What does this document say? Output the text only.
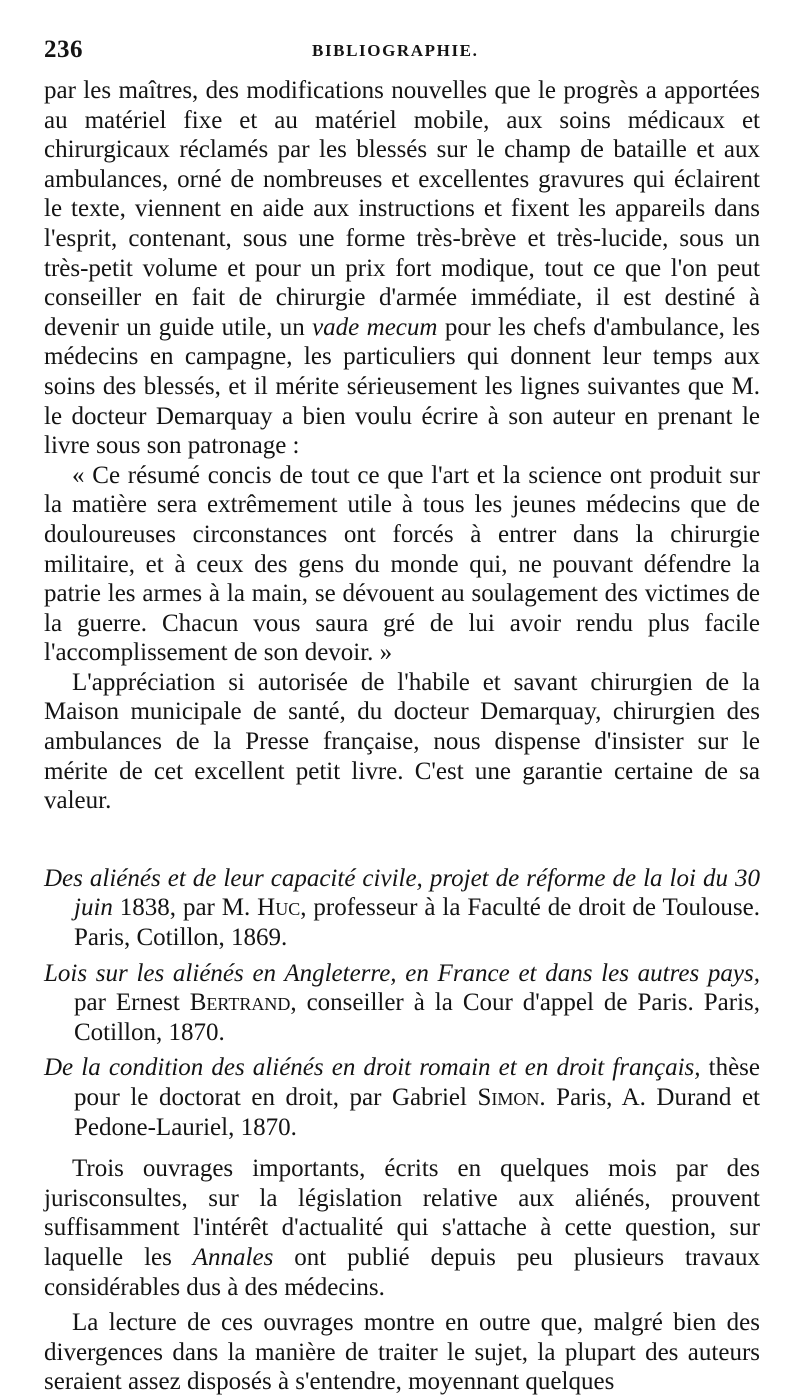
236	BIBLIOGRAPHIE.

par les maîtres, des modifications nouvelles que le progrès a apportées au matériel fixe et au matériel mobile, aux soins médicaux et chirurgicaux réclamés par les blessés sur le champ de bataille et aux ambulances, orné de nombreuses et excellentes gravures qui éclairent le texte, viennent en aide aux instructions et fixent les appareils dans l'esprit, contenant, sous une forme très-brève et très-lucide, sous un très-petit volume et pour un prix fort modique, tout ce que l'on peut conseiller en fait de chirurgie d'armée immédiate, il est destiné à devenir un guide utile, un vade mecum pour les chefs d'ambulance, les médecins en campagne, les particuliers qui donnent leur temps aux soins des blessés, et il mérite sérieusement les lignes suivantes que M. le docteur Demarquay a bien voulu écrire à son auteur en prenant le livre sous son patronage :

« Ce résumé concis de tout ce que l'art et la science ont produit sur la matière sera extrêmement utile à tous les jeunes médecins que de douloureuses circonstances ont forcés à entrer dans la chirurgie militaire, et à ceux des gens du monde qui, ne pouvant défendre la patrie les armes à la main, se dévouent au soulagement des victimes de la guerre. Chacun vous saura gré de lui avoir rendu plus facile l'accomplissement de son devoir. »

L'appréciation si autorisée de l'habile et savant chirurgien de la Maison municipale de santé, du docteur Demarquay, chirurgien des ambulances de la Presse française, nous dispense d'insister sur le mérite de cet excellent petit livre. C'est une garantie certaine de sa valeur.

Des aliénés et de leur capacité civile, projet de réforme de la loi du 30 juin 1838, par M. Huc, professeur à la Faculté de droit de Toulouse. Paris, Cotillon, 1869.

Lois sur les aliénés en Angleterre, en France et dans les autres pays, par Ernest Bertrand, conseiller à la Cour d'appel de Paris. Paris, Cotillon, 1870.

De la condition des aliénés en droit romain et en droit français, thèse pour le doctorat en droit, par Gabriel Simon. Paris, A. Durand et Pedone-Lauriel, 1870.

Trois ouvrages importants, écrits en quelques mois par des jurisconsultes, sur la législation relative aux aliénés, prouvent suffisamment l'intérêt d'actualité qui s'attache à cette question, sur laquelle les Annales ont publié depuis peu plusieurs travaux considérables dus à des médecins.

La lecture de ces ouvrages montre en outre que, malgré bien des divergences dans la manière de traiter le sujet, la plupart des auteurs seraient assez disposés à s'entendre, moyennant quelques
